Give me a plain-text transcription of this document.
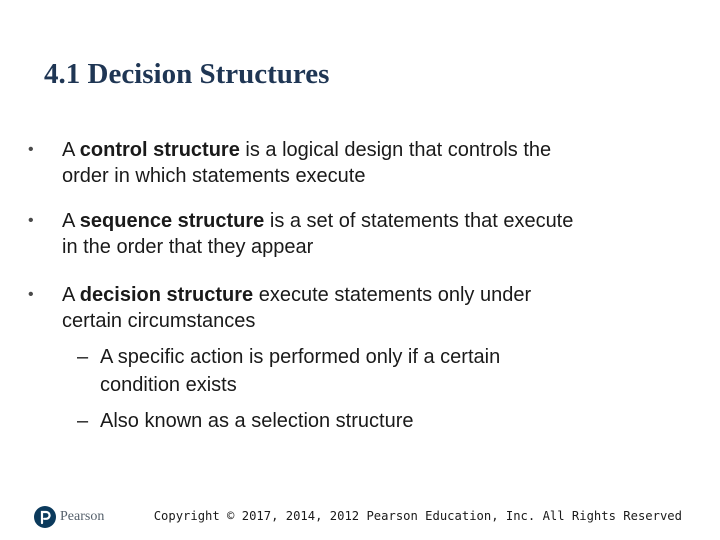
4.1 Decision Structures
• A control structure is a logical design that controls the
order in which statements execute
• A sequence structure is a set of statements that execute
in the order that they appear
• A decision structure execute statements only under
certain circumstances
– A specific action is performed only if a certain
condition exists
– Also known as a selection structure
Pearson	Copyright © 2017, 2014, 2012 Pearson Education, Inc. All Rights Reserved
